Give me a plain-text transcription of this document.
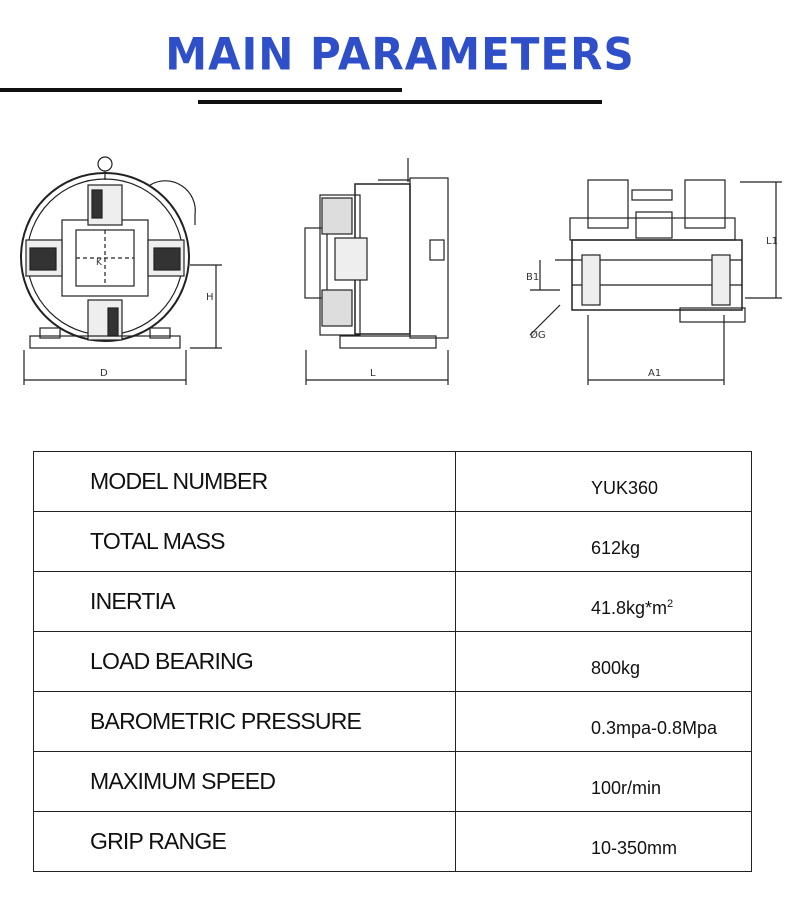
MAIN PARAMETERS
D
H
K
L	A1
L1
B1
ØG
MODEL NUMBER	YUK360
TOTAL MASS	612kg
INERTIA	$41.8kg*m^2$
LOAD BEARING	800kg
BAROMETRIC PRESSURE	0.3mpa-0.8Mpa
MAXIMUM SPEED	100r/min
GRIP RANGE	10-350mm
